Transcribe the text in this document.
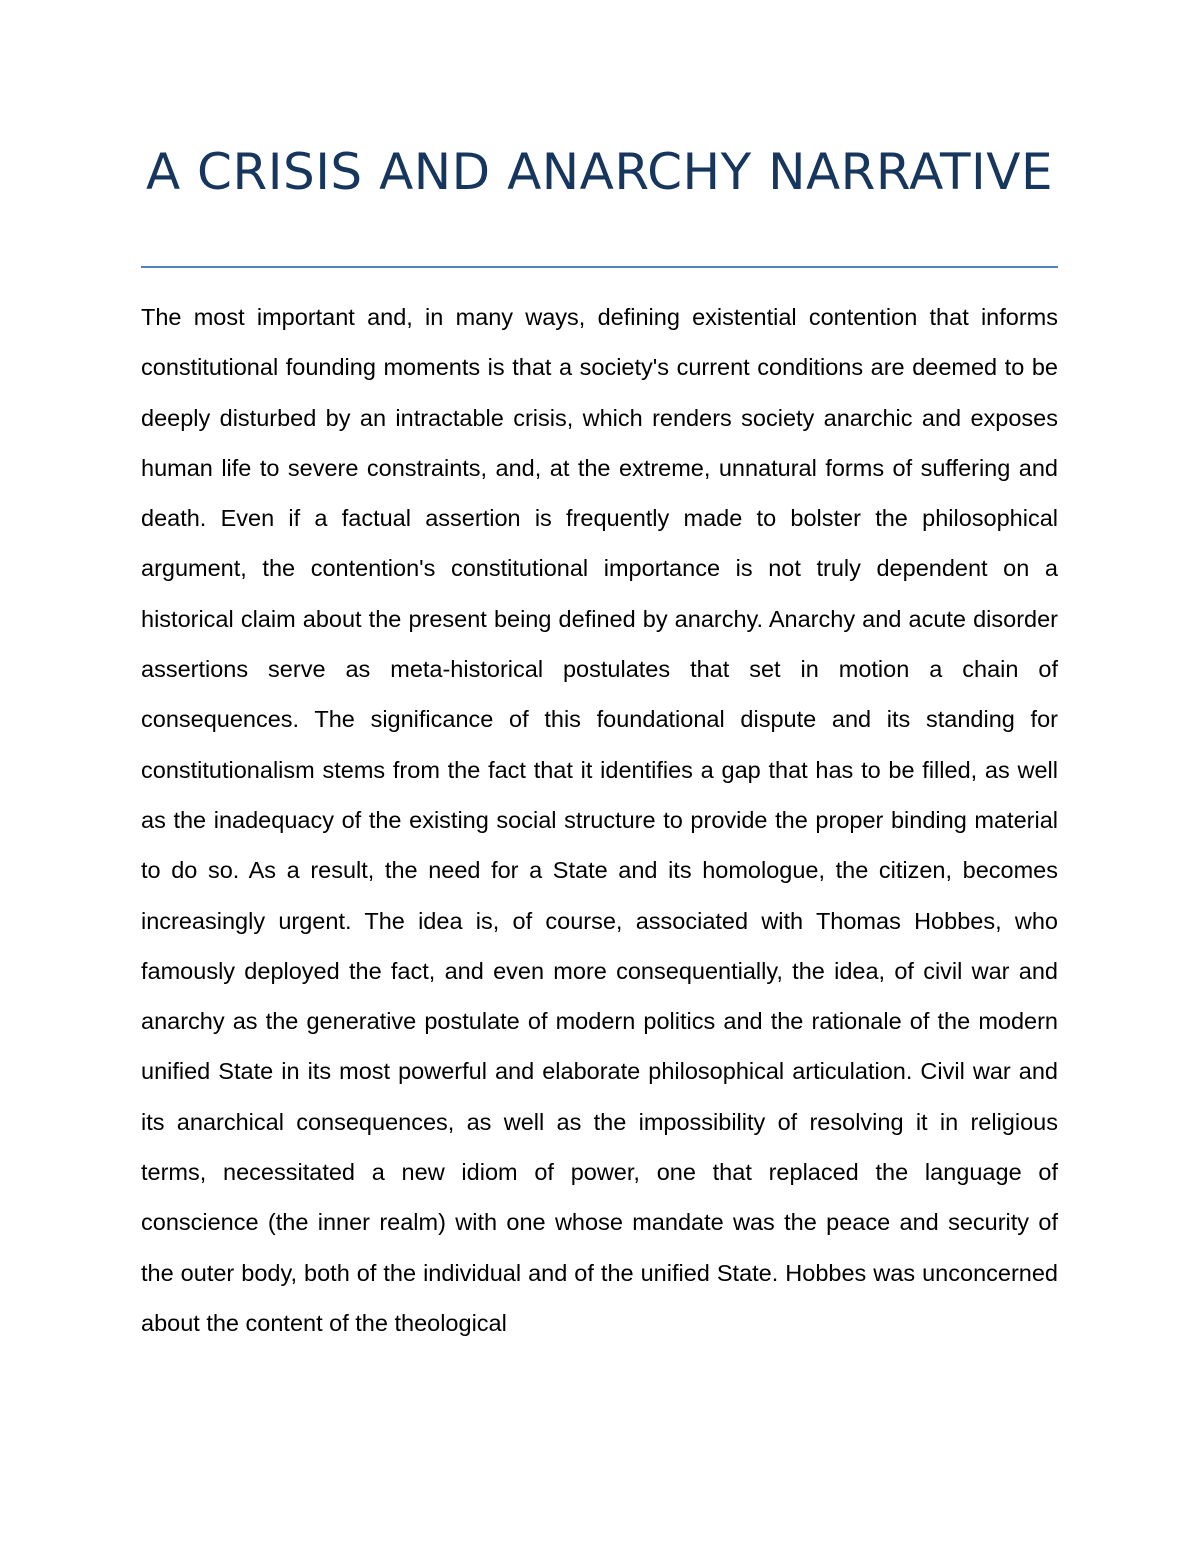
A CRISIS AND ANARCHY NARRATIVE

The most important and, in many ways, defining existential contention that informs constitutional founding moments is that a society's current conditions are deemed to be deeply disturbed by an intractable crisis, which renders society anarchic and exposes human life to severe constraints, and, at the extreme, unnatural forms of suffering and death. Even if a factual assertion is frequently made to bolster the philosophical argument, the contention's constitutional importance is not truly dependent on a historical claim about the present being defined by anarchy. Anarchy and acute disorder assertions serve as meta-historical postulates that set in motion a chain of consequences. The significance of this foundational dispute and its standing for constitutionalism stems from the fact that it identifies a gap that has to be filled, as well as the inadequacy of the existing social structure to provide the proper binding material to do so. As a result, the need for a State and its homologue, the citizen, becomes increasingly urgent. The idea is, of course, associated with Thomas Hobbes, who famously deployed the fact, and even more consequentially, the idea, of civil war and anarchy as the generative postulate of modern politics and the rationale of the modern unified State in its most powerful and elaborate philosophical articulation. Civil war and its anarchical consequences, as well as the impossibility of resolving it in religious terms, necessitated a new idiom of power, one that replaced the language of conscience (the inner realm) with one whose mandate was the peace and security of the outer body, both of the individual and of the unified State. Hobbes was unconcerned about the content of the theological
